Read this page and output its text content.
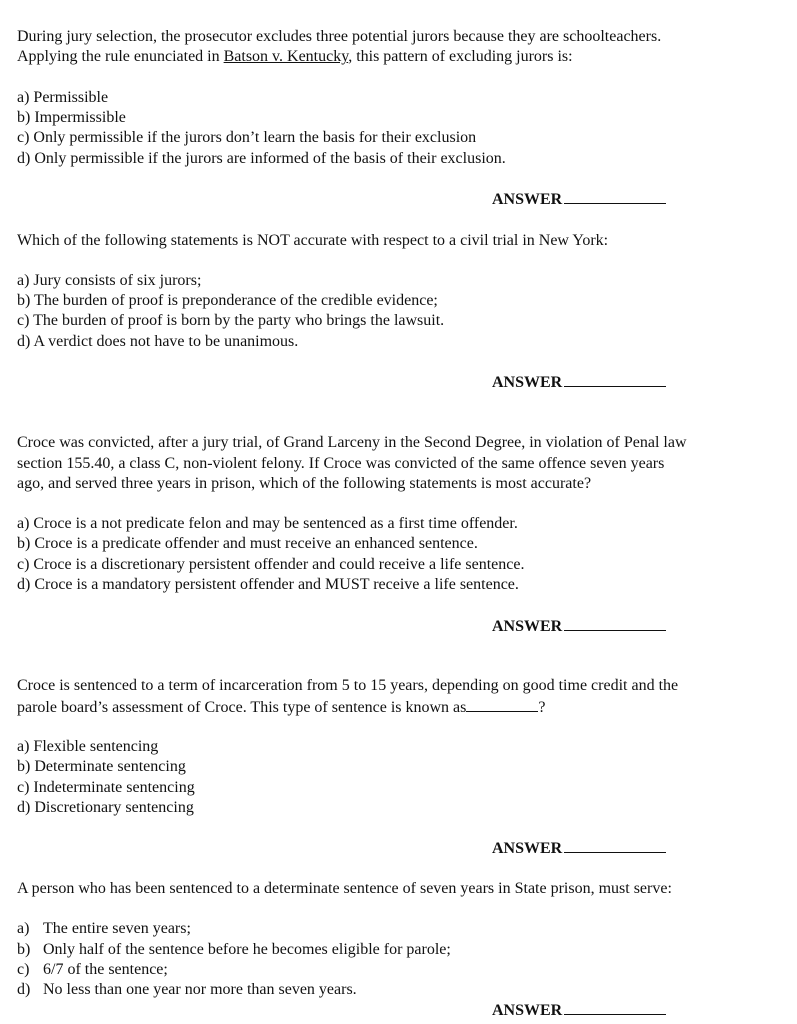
During jury selection, the prosecutor excludes three potential jurors because they are schoolteachers.
Applying the rule enunciated in Batson v. Kentucky, this pattern of excluding jurors is:
a) Permissible
b) Impermissible
c) Only permissible if the jurors don’t learn the basis for their exclusion
d) Only permissible if the jurors are informed of the basis of their exclusion.
ANSWER
Which of the following statements is NOT accurate with respect to a civil trial in New York:
a) Jury consists of six jurors;
b) The burden of proof is preponderance of the credible evidence;
c) The burden of proof is born by the party who brings the lawsuit.
d) A verdict does not have to be unanimous.
ANSWER
Croce was convicted, after a jury trial, of Grand Larceny in the Second Degree, in violation of Penal law
section 155.40, a class C, non-violent felony. If Croce was convicted of the same offence seven years
ago, and served three years in prison, which of the following statements is most accurate?
a) Croce is a not predicate felon and may be sentenced as a first time offender.
b) Croce is a predicate offender and must receive an enhanced sentence.
c) Croce is a discretionary persistent offender and could receive a life sentence.
d) Croce is a mandatory persistent offender and MUST receive a life sentence.
ANSWER
Croce is sentenced to a term of incarceration from 5 to 15 years, depending on good time credit and the
parole board’s assessment of Croce. This type of sentence is known as	?
a) Flexible sentencing
b) Determinate sentencing
c) Indeterminate sentencing
d) Discretionary sentencing
ANSWER
A person who has been sentenced to a determinate sentence of seven years in State prison, must serve:
a) The entire seven years;
b) Only half of the sentence before he becomes eligible for parole;
c) 6/7 of the sentence;
d) No less than one year nor more than seven years.
ANSWER
